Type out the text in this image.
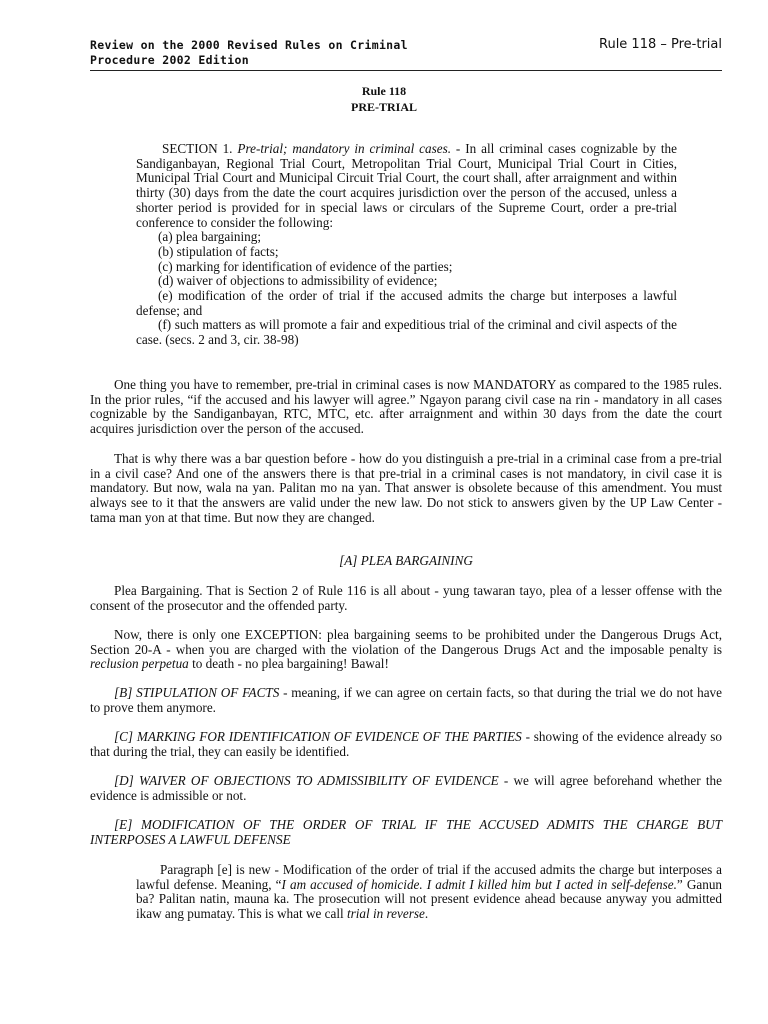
Review on the 2000 Revised Rules on Criminal
Procedure 2002 Edition
Rule 118 – Pre-trial
Rule 118
PRE-TRIAL

SECTION 1. Pre-trial; mandatory in criminal cases. - In all criminal cases cognizable by the Sandiganbayan, Regional Trial Court, Metropolitan Trial Court, Municipal Trial Court in Cities, Municipal Trial Court and Municipal Circuit Trial Court, the court shall, after arraignment and within thirty (30) days from the date the court acquires jurisdiction over the person of the accused, unless a shorter period is provided for in special laws or circulars of the Supreme Court, order a pre-trial conference to consider the following:

(a) plea bargaining;
(b) stipulation of facts;
(c) marking for identification of evidence of the parties;
(d) waiver of objections to admissibility of evidence;
(e) modification of the order of trial if the accused admits the charge but interposes a lawful defense; and
(f) such matters as will promote a fair and expeditious trial of the criminal and civil aspects of the case. (secs. 2 and 3, cir. 38-98)

One thing you have to remember, pre-trial in criminal cases is now MANDATORY as compared to the 1985 rules. In the prior rules, “if the accused and his lawyer will agree.” Ngayon parang civil case na rin - mandatory in all cases cognizable by the Sandiganbayan, RTC, MTC, etc. after arraignment and within 30 days from the date the court acquires jurisdiction over the person of the accused.

That is why there was a bar question before - how do you distinguish a pre-trial in a criminal case from a pre-trial in a civil case? And one of the answers there is that pre-trial in a criminal cases is not mandatory, in civil case it is mandatory. But now, wala na yan. Palitan mo na yan. That answer is obsolete because of this amendment. You must always see to it that the answers are valid under the new law. Do not stick to answers given by the UP Law Center - tama man yon at that time. But now they are changed.

[A] PLEA BARGAINING

Plea Bargaining. That is Section 2 of Rule 116 is all about - yung tawaran tayo, plea of a lesser offense with the consent of the prosecutor and the offended party.

Now, there is only one EXCEPTION: plea bargaining seems to be prohibited under the Dangerous Drugs Act, Section 20-A - when you are charged with the violation of the Dangerous Drugs Act and the imposable penalty is reclusion perpetua to death - no plea bargaining! Bawal!

[B] STIPULATION OF FACTS - meaning, if we can agree on certain facts, so that during the trial we do not have to prove them anymore.

[C] MARKING FOR IDENTIFICATION OF EVIDENCE OF THE PARTIES - showing of the evidence already so that during the trial, they can easily be identified.

[D] WAIVER OF OBJECTIONS TO ADMISSIBILITY OF EVIDENCE - we will agree beforehand whether the evidence is admissible or not.

[E] MODIFICATION OF THE ORDER OF TRIAL IF THE ACCUSED ADMITS THE CHARGE BUT INTERPOSES A LAWFUL DEFENSE

Paragraph [e] is new - Modification of the order of trial if the accused admits the charge but interposes a lawful defense. Meaning, “I am accused of homicide. I admit I killed him but I acted in self-defense.” Ganun ba? Palitan natin, mauna ka. The prosecution will not present evidence ahead because anyway you admitted ikaw ang pumatay. This is what we call trial in reverse.
